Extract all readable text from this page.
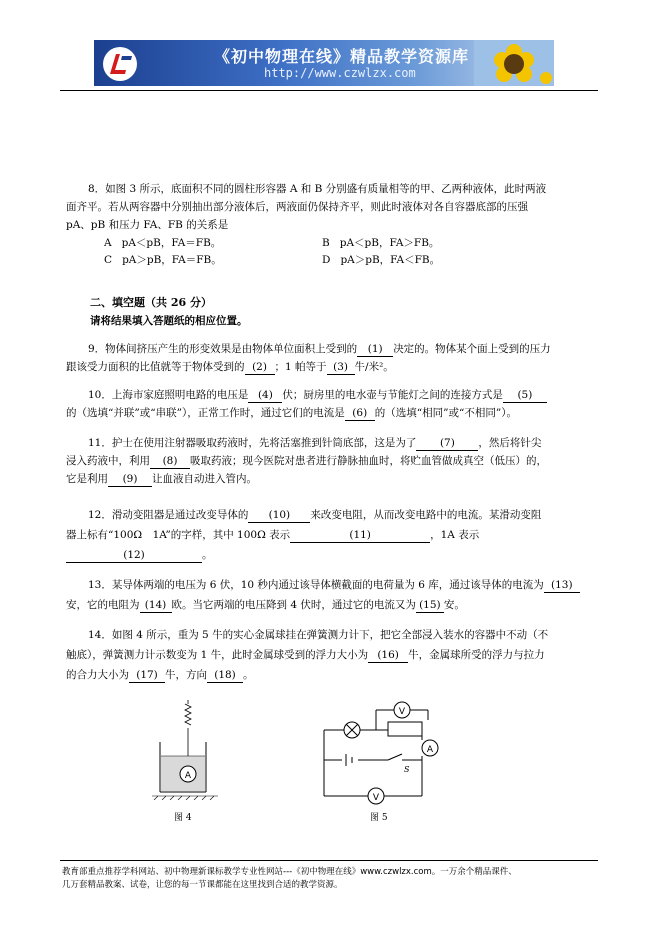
《初中物理在线》精品教学资源库
http://www.czwlzx.com
8．如图 3 所示，底面积不同的圆柱形容器 A 和 B 分别盛有质量相等的甲、乙两种液体，此时两液
面齐平。若从两容器中分别抽出部分液体后，两液面仍保持齐平，则此时液体对各自容器底部的压强
pA、pB 和压力 FA、FB 的关系是
A pA＜pB，FA＝FB。	B pA＜pB，FA＞FB。
C pA＞pB，FA＝FB。	D pA＞pB，FA＜FB。
二、填空题（共 26 分）
请将结果填入答题纸的相应位置。
9．物体间挤压产生的形变效果是由物体单位面积上受到的 (1) 决定的。物体某个面上受到的压力
跟该受力面积的比值就等于物体受到的 (2) ；1 帕等于 (3) 牛/米²。
10．上海市家庭照明电路的电压是 (4) 伏；厨房里的电水壶与节能灯之间的连接方式是 (5)
的（选填“并联”或“串联”），正常工作时，通过它们的电流是 (6) 的（选填“相同”或“不相同”）。
11．护士在使用注射器吸取药液时，先将活塞推到针筒底部，这是为了 (7) ，然后将针尖
浸入药液中，利用 (8) 吸取药液；现今医院对患者进行静脉抽血时，将贮血管做成真空（低压）的，
它是利用 (9) 让血液自动进入管内。
12．滑动变阻器是通过改变导体的 (10) 来改变电阻，从而改变电路中的电流。某滑动变阻
器上标有“100Ω　1A”的字样，其中 100Ω 表示	(11)	，1A 表示
(12)	。
13．某导体两端的电压为 6 伏，10 秒内通过该导体横截面的电荷量为 6 库，通过该导体的电流为 (13)
安，它的电阻为 (14) 欧。当它两端的电压降到 4 伏时，通过它的电流又为 (15) 安。
14．如图 4 所示，重为 5 牛的实心金属球挂在弹簧测力计下，把它全部浸入装水的容器中不动（不
触底），弹簧测力计示数变为 1 牛，此时金属球受到的浮力大小为 (16) 牛，金属球所受的浮力与拉力
的合力大小为 (17) 牛，方向 (18) 。
A
图 4
V
A
V
S
图 5
教育部重点推荐学科网站、初中物理新课标教学专业性网站---《初中物理在线》www.czwlzx.com。一万余个精品课件、
几万套精品教案、试卷，让您的每一节课都能在这里找到合适的教学资源。
